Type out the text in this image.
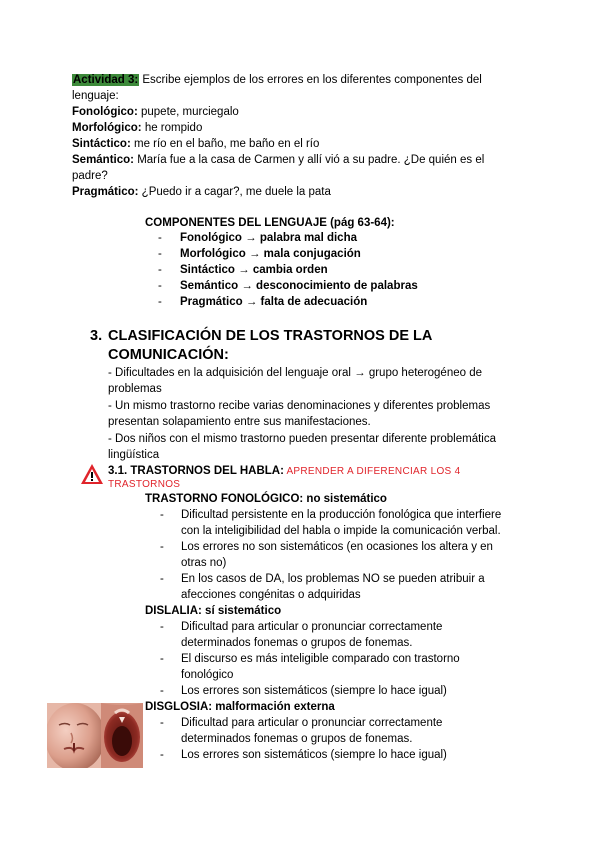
Actividad 3: Escribe ejemplos de los errores en los diferentes componentes del
lenguaje:
Fonológico: pupete, murciegalo
Morfológico: he rompido
Sintáctico: me río en el baño, me baño en el río
Semántico: María fue a la casa de Carmen y allí vió a su padre. ¿De quién es el
padre?
Pragmático: ¿Puedo ir a cagar?, me duele la pata
COMPONENTES DEL LENGUAJE (pág 63-64):
- Fonológico → palabra mal dicha
- Morfológico → mala conjugación
- Sintáctico → cambia orden
- Semántico → desconocimiento de palabras
- Pragmático → falta de adecuación
3. CLASIFICACIÓN DE LOS TRASTORNOS DE LA
COMUNICACIÓN:
- Dificultades en la adquisición del lenguaje oral → grupo heterogéneo de
problemas
- Un mismo trastorno recibe varias denominaciones y diferentes problemas
presentan solapamiento entre sus manifestaciones.
- Dos niños con el mismo trastorno pueden presentar diferente problemática
lingüística
3.1. TRASTORNOS DEL HABLA: APRENDER A DIFERENCIAR LOS 4
TRASTORNOS
TRASTORNO FONOLÓGICO: no sistemático
- Dificultad persistente en la producción fonológica que interfiere
con la inteligibilidad del habla o impide la comunicación verbal.
- Los errores no son sistemáticos (en ocasiones los altera y en
otras no)
- En los casos de DA, los problemas NO se pueden atribuir a
afecciones congénitas o adquiridas
DISLALIA: sí sistemático
- Dificultad para articular o pronunciar correctamente
determinados fonemas o grupos de fonemas.
- El discurso es más inteligible comparado con trastorno
fonológico
- Los errores son sistemáticos (siempre lo hace igual)
DISGLOSIA: malformación externa
- Dificultad para articular o pronunciar correctamente
determinados fonemas o grupos de fonemas.
- Los errores son sistemáticos (siempre lo hace igual)
